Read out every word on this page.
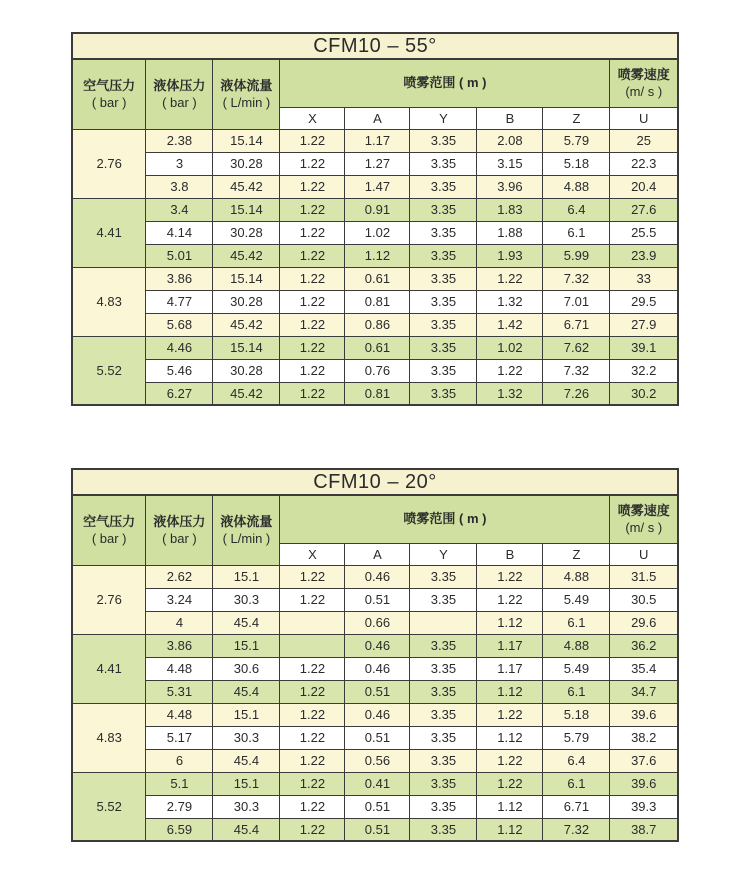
CFM10 – 55°								
空气压力
( bar )	液体压力
( bar )	液体流量
( L/min )	喷雾范围 ( m )					喷雾速度
(m/ s )
			X	A	Y	B	Z	U
2.76	2.38	15.14	1.22	1.17	3.35	2.08	5.79	25
	3	30.28	1.22	1.27	3.35	3.15	5.18	22.3
	3.8	45.42	1.22	1.47	3.35	3.96	4.88	20.4
4.41	3.4	15.14	1.22	0.91	3.35	1.83	6.4	27.6
	4.14	30.28	1.22	1.02	3.35	1.88	6.1	25.5
	5.01	45.42	1.22	1.12	3.35	1.93	5.99	23.9
4.83	3.86	15.14	1.22	0.61	3.35	1.22	7.32	33
	4.77	30.28	1.22	0.81	3.35	1.32	7.01	29.5
	5.68	45.42	1.22	0.86	3.35	1.42	6.71	27.9
5.52	4.46	15.14	1.22	0.61	3.35	1.02	7.62	39.1
	5.46	30.28	1.22	0.76	3.35	1.22	7.32	32.2
	6.27	45.42	1.22	0.81	3.35	1.32	7.26	30.2
CFM10 – 20°								
空气压力
( bar )	液体压力
( bar )	液体流量
( L/min )	喷雾范围 ( m )					喷雾速度
(m/ s )
			X	A	Y	B	Z	U
2.76	2.62	15.1	1.22	0.46	3.35	1.22	4.88	31.5
	3.24	30.3	1.22	0.51	3.35	1.22	5.49	30.5
	4	45.4		0.66		1.12	6.1	29.6
4.41	3.86	15.1		0.46	3.35	1.17	4.88	36.2
	4.48	30.6	1.22	0.46	3.35	1.17	5.49	35.4
	5.31	45.4	1.22	0.51	3.35	1.12	6.1	34.7
4.83	4.48	15.1	1.22	0.46	3.35	1.22	5.18	39.6
	5.17	30.3	1.22	0.51	3.35	1.12	5.79	38.2
	6	45.4	1.22	0.56	3.35	1.22	6.4	37.6
5.52	5.1	15.1	1.22	0.41	3.35	1.22	6.1	39.6
	2.79	30.3	1.22	0.51	3.35	1.12	6.71	39.3
	6.59	45.4	1.22	0.51	3.35	1.12	7.32	38.7
